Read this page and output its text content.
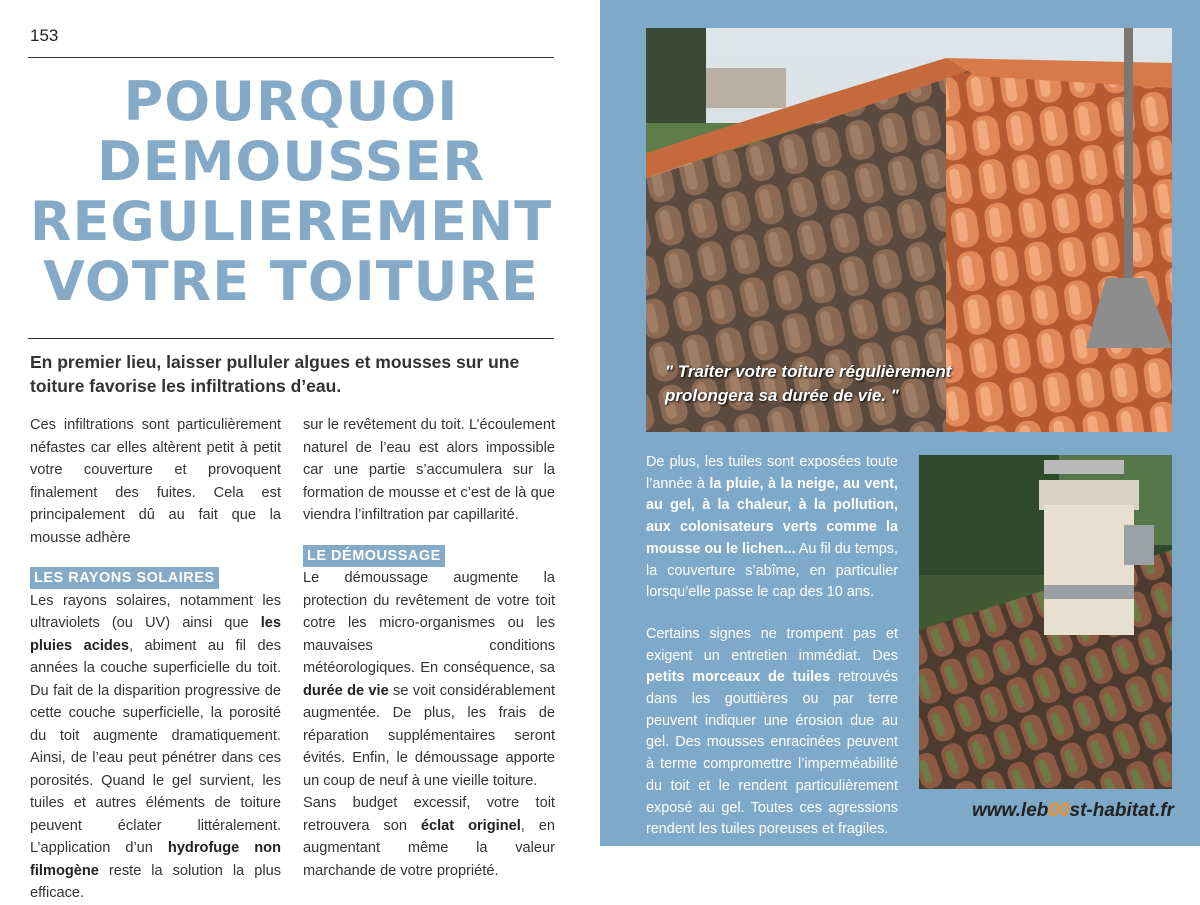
153
POURQUOI
DEMOUSSER
REGULIEREMENT
VOTRE TOITURE
En premier lieu, laisser pulluler algues et mousses sur une toiture favorise les infiltrations d’eau.

Ces infiltrations sont particulièrement néfastes car elles altèrent petit à petit votre couverture et provoquent finalement des fuites. Cela est principalement dû au fait que la mousse adhère

LES RAYONS SOLAIRES

Les rayons solaires, notamment les ultraviolets (ou UV) ainsi que les pluies acides, abiment au fil des années la couche superficielle du toit. Du fait de la disparition progressive de cette couche superficielle, la porosité du toit augmente dramatiquement. Ainsi, de l’eau peut pénétrer dans ces porosités. Quand le gel survient, les tuiles et autres éléments de toiture peuvent éclater littéralement. L’application d’un hydrofuge non filmogène reste la solution la plus efficace.

sur le revêtement du toit. L’écoulement naturel de l’eau est alors impossible car une partie s’accumulera sur la formation de mousse et c’est de là que viendra l’infiltration par capillarité.

LE DÉMOUSSAGE

Le démoussage augmente la protection du revêtement de votre toit cotre les micro-organismes ou les mauvaises conditions météorologiques. En conséquence, sa durée de vie se voit considérablement augmentée. De plus, les frais de réparation supplémentaires seront évités. Enfin, le démoussage apporte un coup de neuf à une vieille toiture.

Sans budget excessif, votre toit retrouvera son éclat originel, en augmentant même la valeur marchande de votre propriété.

" Traiter votre toiture régulièrement prolongera sa durée de vie. "

De plus, les tuiles sont exposées toute l’année à la pluie, à la neige, au vent, au gel, à la chaleur, à la pollution, aux colonisateurs verts comme la mousse ou le lichen... Au fil du temps, la couverture s’abîme, en particulier lorsqu’elle passe le cap des 10 ans.

Certains signes ne trompent pas et exigent un entretien immédiat. Des petits morceaux de tuiles retrouvés dans les gouttières ou par terre peuvent indiquer une érosion due au gel. Des mousses enracinées peuvent à terme compromettre l’imperméabilité du toit et le rendent particulièrement exposé au gel. Toutes ces agressions rendent les tuiles poreuses et fragiles.

www.leb00st-habitat.fr
